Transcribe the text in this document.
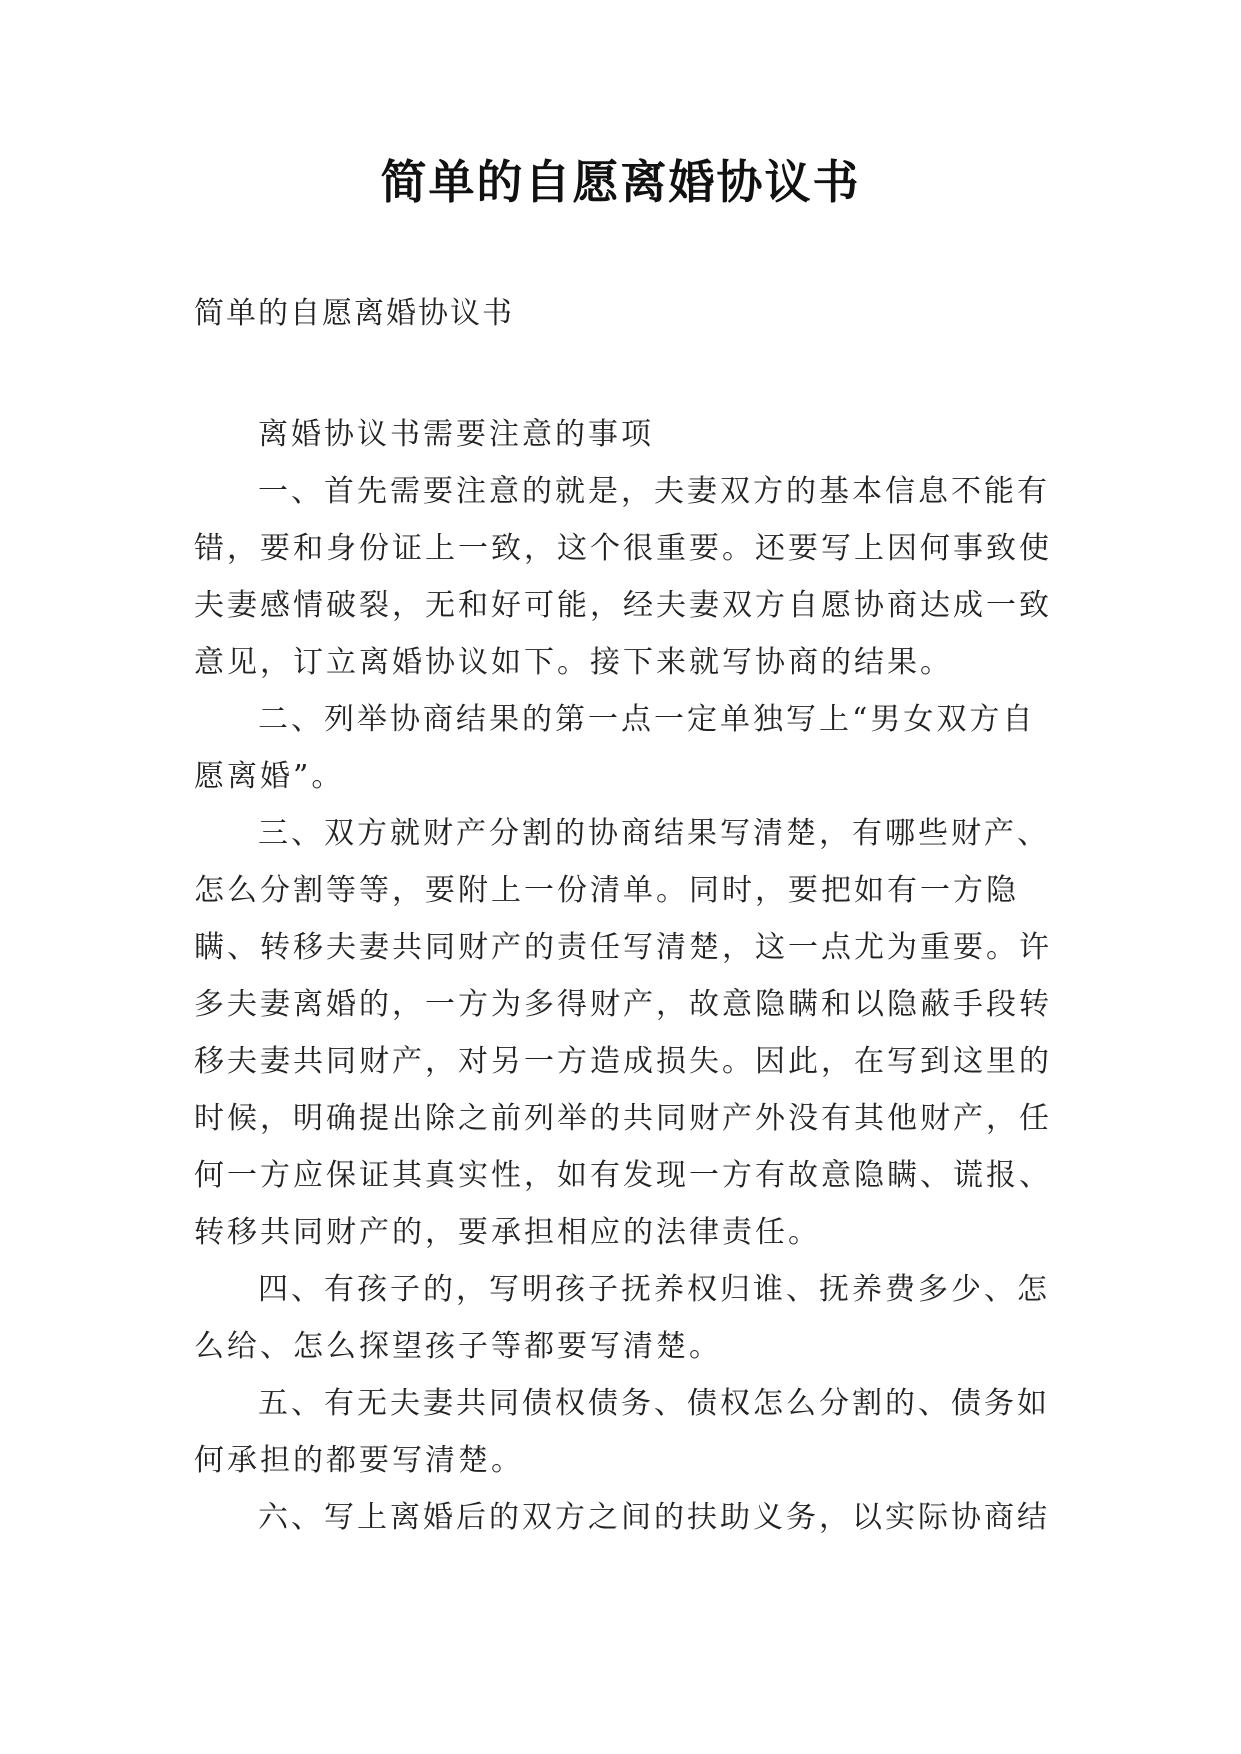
简单的自愿离婚协议书
简单的自愿离婚协议书

离婚协议书需要注意的事项

一、首先需要注意的就是，夫妻双方的基本信息不能有错，要和身份证上一致，这个很重要。还要写上因何事致使夫妻感情破裂，无和好可能，经夫妻双方自愿协商达成一致意见，订立离婚协议如下。接下来就写协商的结果。

二、列举协商结果的第一点一定单独写上“男女双方自愿离婚”。

三、双方就财产分割的协商结果写清楚，有哪些财产、怎么分割等等，要附上一份清单。同时，要把如有一方隐瞒、转移夫妻共同财产的责任写清楚，这一点尤为重要。许多夫妻离婚的，一方为多得财产，故意隐瞒和以隐蔽手段转移夫妻共同财产，对另一方造成损失。因此，在写到这里的时候，明确提出除之前列举的共同财产外没有其他财产，任何一方应保证其真实性，如有发现一方有故意隐瞒、谎报、转移共同财产的，要承担相应的法律责任。

四、有孩子的，写明孩子抚养权归谁、抚养费多少、怎么给、怎么探望孩子等都要写清楚。

五、有无夫妻共同债权债务、债权怎么分割的、债务如何承担的都要写清楚。

六、写上离婚后的双方之间的扶助义务，以实际协商结
